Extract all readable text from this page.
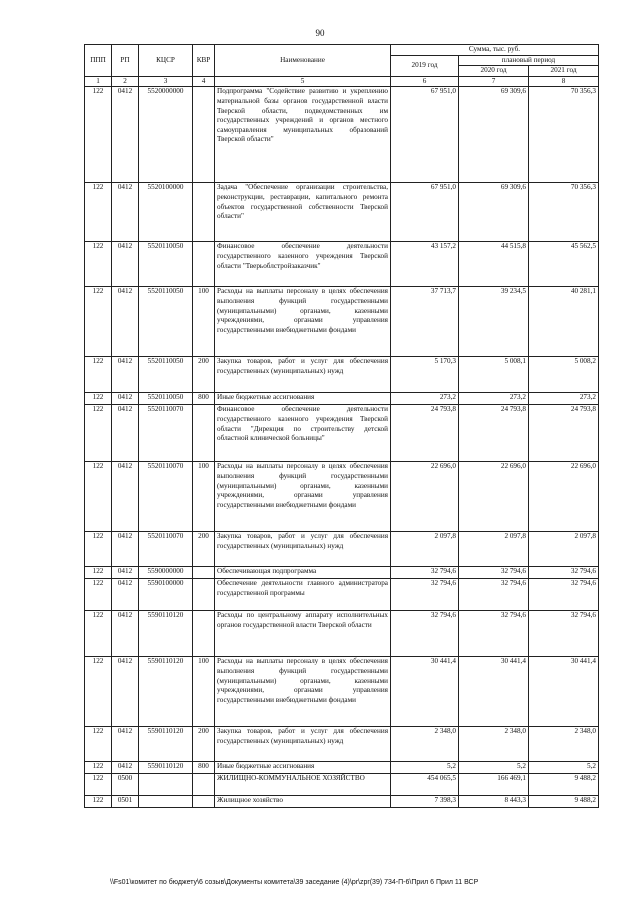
90
ППП	РП	КЦСР	КВР	Наименование	Сумма, тыс. руб.		
					2019 год	плановый период	
						2020 год	2021 год
1	2	3	4	5	6	7	8
122	0412	5520000000		Подпрограмма "Содействие развитию и укреплению материальной базы органов государственной власти Тверской области, подведомственных им государственных учреждений и органов местного самоуправления муниципальных образований Тверской области"	67 951,0	69 309,6	70 356,3
122	0412	5520100000		Задача "Обеспечение организации строительства, реконструкции, реставрации, капитального ремонта объектов государственной собственности Тверской области"	67 951,0	69 309,6	70 356,3
122	0412	5520110050		Финансовое обеспечение деятельности государственного казенного учреждения Тверской области "Тверьоблстройзаказчик"	43 157,2	44 515,8	45 562,5
122	0412	5520110050	100	Расходы на выплаты персоналу в целях обеспечения выполнения функций государственными (муниципальными) органами, казенными учреждениями, органами управления государственными внебюджетными фондами	37 713,7	39 234,5	40 281,1
122	0412	5520110050	200	Закупка товаров, работ и услуг для обеспечения государственных (муниципальных) нужд	5 170,3	5 008,1	5 008,2
122	0412	5520110050	800	Иные бюджетные ассигнования	273,2	273,2	273,2
122	0412	5520110070		Финансовое обеспечение деятельности государственного казенного учреждения Тверской области "Дирекция по строительству детской областной клинической больницы"	24 793,8	24 793,8	24 793,8
122	0412	5520110070	100	Расходы на выплаты персоналу в целях обеспечения выполнения функций государственными (муниципальными) органами, казенными учреждениями, органами управления государственными внебюджетными фондами	22 696,0	22 696,0	22 696,0
122	0412	5520110070	200	Закупка товаров, работ и услуг для обеспечения государственных (муниципальных) нужд	2 097,8	2 097,8	2 097,8
122	0412	5590000000		Обеспечивающая подпрограмма	32 794,6	32 794,6	32 794,6
122	0412	5590100000		Обеспечение деятельности главного администратора государственной программы	32 794,6	32 794,6	32 794,6
122	0412	5590110120		Расходы по центральному аппарату исполнительных органов государственной власти Тверской области	32 794,6	32 794,6	32 794,6
122	0412	5590110120	100	Расходы на выплаты персоналу в целях обеспечения выполнения функций государственными (муниципальными) органами, казенными учреждениями, органами управления государственными внебюджетными фондами	30 441,4	30 441,4	30 441,4
122	0412	5590110120	200	Закупка товаров, работ и услуг для обеспечения государственных (муниципальных) нужд	2 348,0	2 348,0	2 348,0
122	0412	5590110120	800	Иные бюджетные ассигнования	5,2	5,2	5,2
122	0500			ЖИЛИЩНО-КОММУНАЛЬНОЕ ХОЗЯЙСТВО	454 065,5	166 469,1	9 488,2
122	0501			Жилищное хозяйство	7 398,3	8 443,3	9 488,2
\\Fs01\комитет по бюджету\6 созыв\Документы комитета\39 заседание (4)\pr\zpr(39) 734-П-6\Прил 6 Прил 11 ВСР
